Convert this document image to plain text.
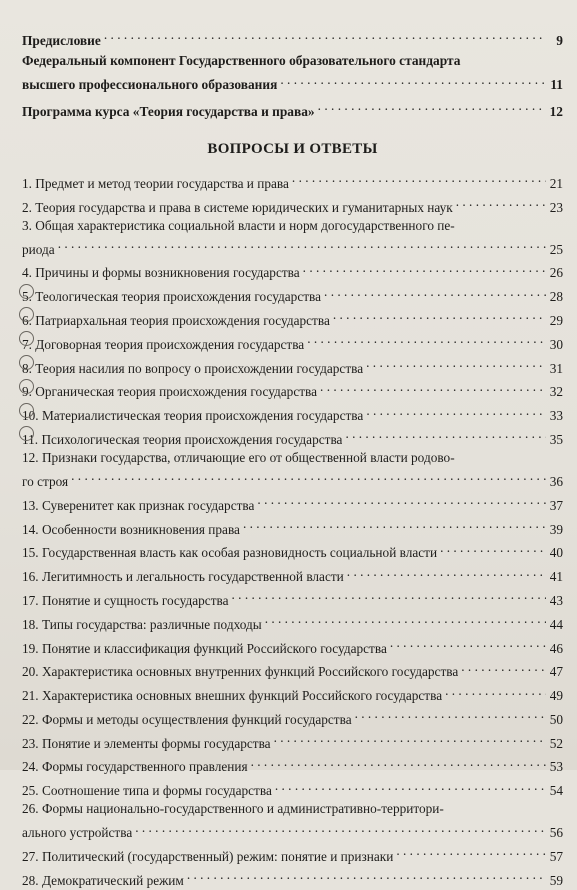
Предисловие . . .	9
Федеральный компонент Государственного образовательного стандарта
высшего профессионального образования . . .	11
Программа курса «Теория государства и права» . . .	12
ВОПРОСЫ И ОТВЕТЫ
1. Предмет и метод теории государства и права . . .	21
2. Теория государства и права в системе юридических и гуманитарных наук . . .	23
3. Общая характеристика социальной власти и норм догосударственного пе-
риода . . .	25
4. Причины и формы возникновения государства . . .	26
5. Теологическая теория происхождения государства . . .	28
6. Патриархальная теория происхождения государства . . .	29
7. Договорная теория происхождения государства . . .	30
8. Теория насилия по вопросу о происхождении государства . . .	31
9. Органическая теория происхождения государства . . .	32
10. Материалистическая теория происхождения государства . . .	33
11. Психологическая теория происхождения государства . . .	35
12. Признаки государства, отличающие его от общественной власти родово-
го строя . . .	36
13. Суверенитет как признак государства . . .	37
14. Особенности возникновения права . . .	39
15. Государственная власть как особая разновидность социальной власти . . .	40
16. Легитимность и легальность государственной власти . . .	41
17. Понятие и сущность государства . . .	43
18. Типы государства: различные подходы . . .	44
19. Понятие и классификация функций Российского государства . . .	46
20. Характеристика основных внутренних функций Российского государства . . .	47
21. Характеристика основных внешних функций Российского государства . . .	49
22. Формы и методы осуществления функций государства . . .	50
23. Понятие и элементы формы государства . . .	52
24. Формы государственного правления . . .	53
25. Соотношение типа и формы государства . . .	54
26. Формы национально-государственного и административно-территори-
ального устройства . . .	56
27. Политический (государственный) режим: понятие и признаки . . .	57
28. Демократический режим . . .	59
